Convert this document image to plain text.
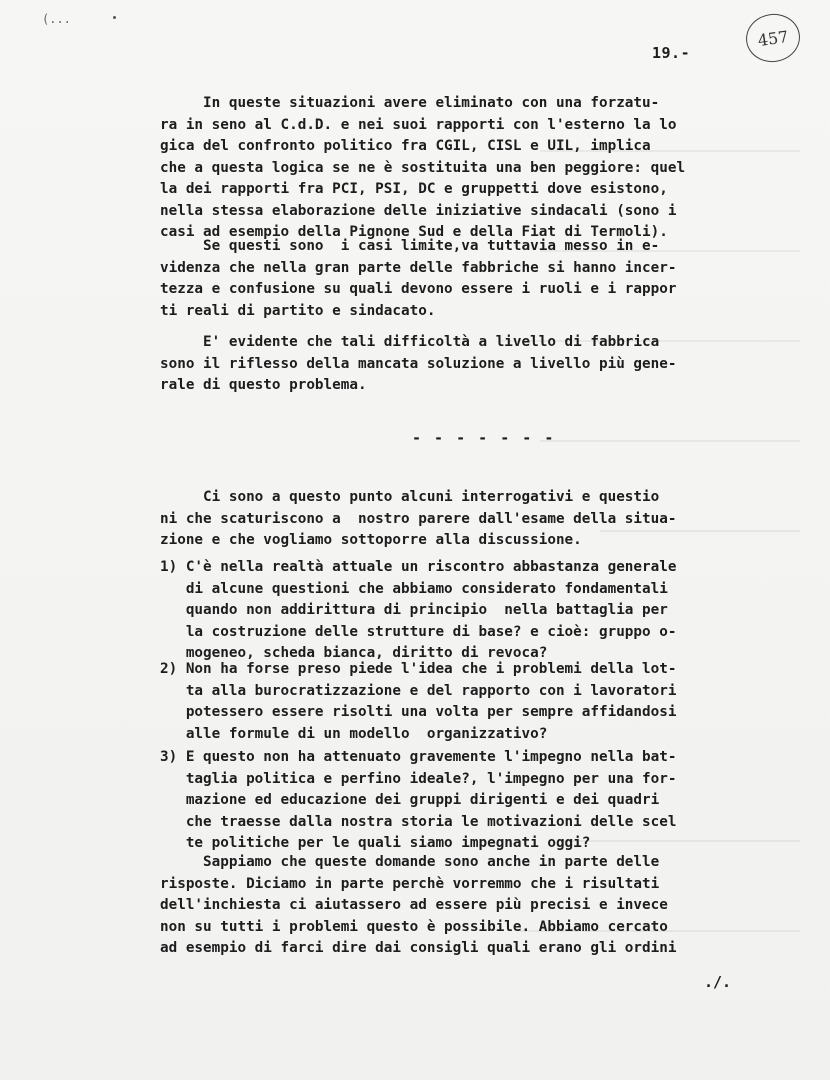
(...
19.-
457
In queste situazioni avere eliminato con una forzatu-
ra in seno al C.d.D. e nei suoi rapporti con l'esterno la lo
gica del confronto politico fra CGIL, CISL e UIL, implica
che a questa logica se ne è sostituita una ben peggiore: quel
la dei rapporti fra PCI, PSI, DC e gruppetti dove esistono,
nella stessa elaborazione delle iniziative sindacali (sono i
casi ad esempio della Pignone Sud e della Fiat di Termoli).
Se questi sono  i casi limite,va tuttavia messo in e-
videnza che nella gran parte delle fabbriche si hanno incer-
tezza e confusione su quali devono essere i ruoli e i rappor
ti reali di partito e sindacato.
E' evidente che tali difficoltà a livello di fabbrica
sono il riflesso della mancata soluzione a livello più gene-
rale di questo problema.
- - - - - - -
Ci sono a questo punto alcuni interrogativi e questio
ni che scaturiscono a  nostro parere dall'esame della situa-
zione e che vogliamo sottoporre alla discussione.
1) C'è nella realtà attuale un riscontro abbastanza generale
di alcune questioni che abbiamo considerato fondamentali
quando non addirittura di principio  nella battaglia per
la costruzione delle strutture di base? e cioè: gruppo o-
mogeneo, scheda bianca, diritto di revoca?
2) Non ha forse preso piede l'idea che i problemi della lot-
ta alla burocratizzazione e del rapporto con i lavoratori
potessero essere risolti una volta per sempre affidandosi
alle formule di un modello  organizzativo?
3) E questo non ha attenuato gravemente l'impegno nella bat-
taglia politica e perfino ideale?, l'impegno per una for-
mazione ed educazione dei gruppi dirigenti e dei quadri
che traesse dalla nostra storia le motivazioni delle scel
te politiche per le quali siamo impegnati oggi?
Sappiamo che queste domande sono anche in parte delle
risposte. Diciamo in parte perchè vorremmo che i risultati
dell'inchiesta ci aiutassero ad essere più precisi e invece
non su tutti i problemi questo è possibile. Abbiamo cercato
ad esempio di farci dire dai consigli quali erano gli ordini
./.
